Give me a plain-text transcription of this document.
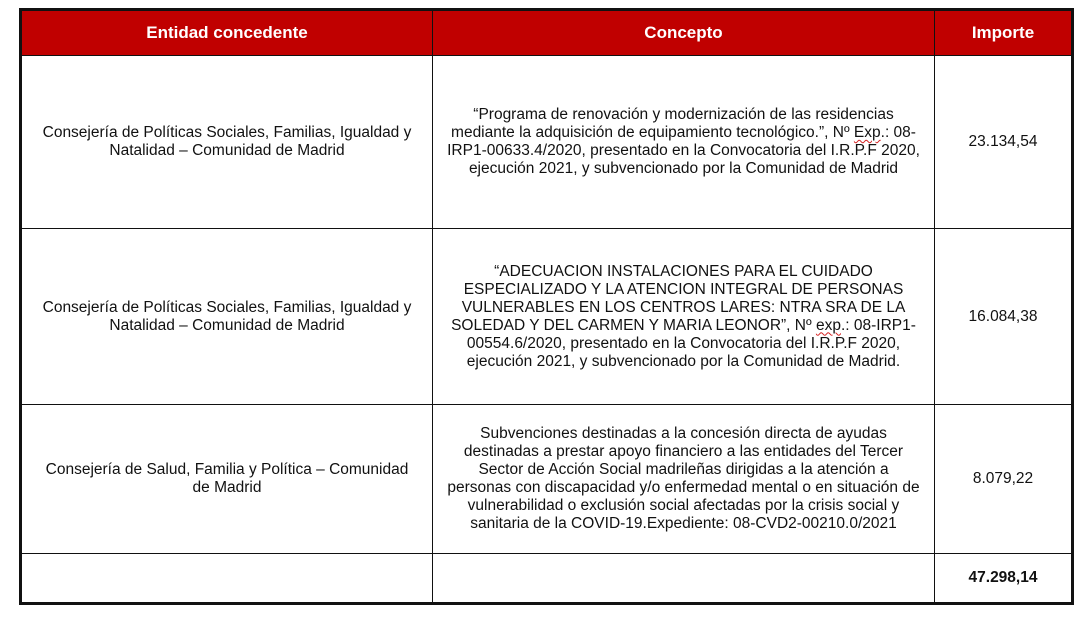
Entidad concedente	Concepto	Importe
Consejería de Políticas Sociales, Familias, Igualdad y Natalidad – Comunidad de Madrid	“Programa de renovación y modernización de las residencias mediante la adquisición de equipamiento tecnológico.”, Nº Exp.: 08-IRP1-00633.4/2020, presentado en la Convocatoria del I.R.P.F 2020, ejecución 2021, y subvencionado por la Comunidad de Madrid	23.134,54
Consejería de Políticas Sociales, Familias, Igualdad y Natalidad – Comunidad de Madrid	“ADECUACION INSTALACIONES PARA EL CUIDADO ESPECIALIZADO Y LA ATENCION INTEGRAL DE PERSONAS VULNERABLES EN LOS CENTROS LARES: NTRA SRA DE LA SOLEDAD Y DEL CARMEN Y MARIA LEONOR”, Nº exp.: 08-IRP1-00554.6/2020, presentado en la Convocatoria del I.R.P.F 2020, ejecución 2021, y subvencionado por la Comunidad de Madrid.	16.084,38
Consejería de Salud, Familia y Política – Comunidad de Madrid	Subvenciones destinadas a la concesión directa de ayudas destinadas a prestar apoyo financiero a las entidades del Tercer Sector de Acción Social madrileñas dirigidas a la atención a personas con discapacidad y/o enfermedad mental o en situación de vulnerabilidad o exclusión social afectadas por la crisis social y sanitaria de la COVID-19.Expediente: 08-CVD2-00210.0/2021	8.079,22
		47.298,14
